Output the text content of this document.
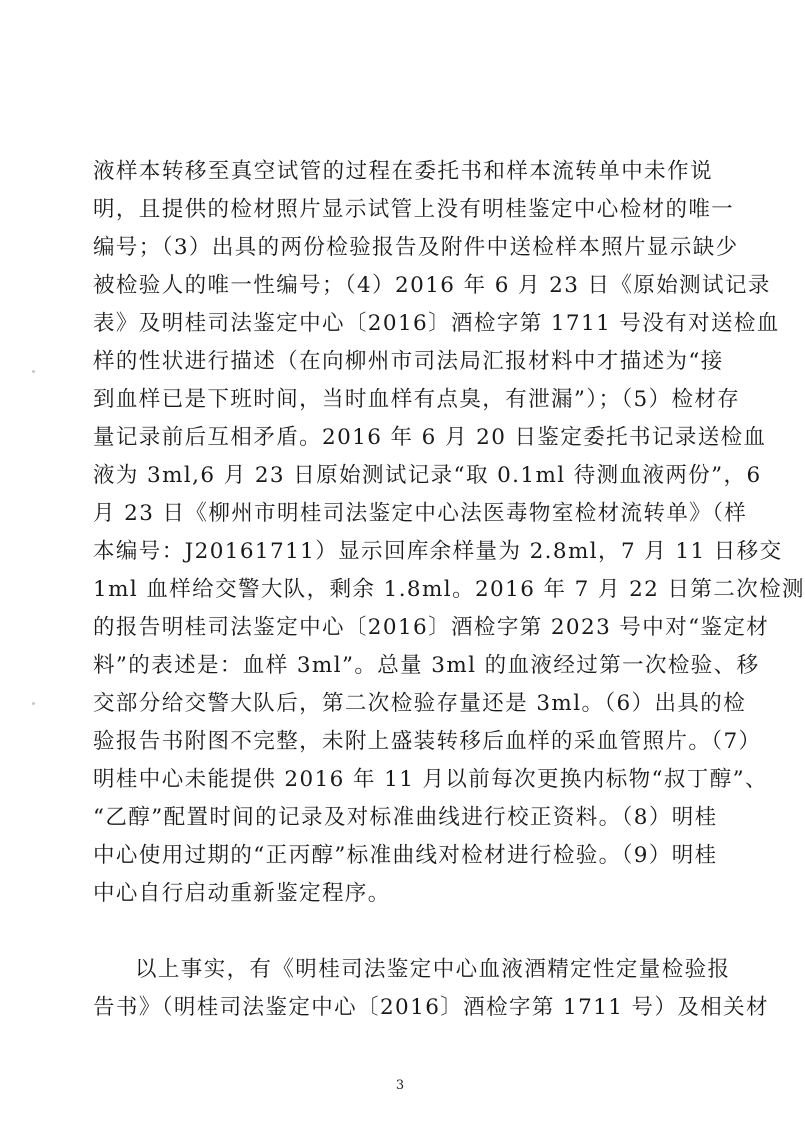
液样本转移至真空试管的过程在委托书和样本流转单中未作说
明，且提供的检材照片显示试管上没有明桂鉴定中心检材的唯一
编号；（3）出具的两份检验报告及附件中送检样本照片显示缺少
被检验人的唯一性编号；（4）2016 年 6 月 23 日《原始测试记录
表》及明桂司法鉴定中心〔2016〕酒检字第 1711 号没有对送检血
样的性状进行描述（在向柳州市司法局汇报材料中才描述为“接
到血样已是下班时间，当时血样有点臭，有泄漏”）；（5）检材存
量记录前后互相矛盾。2016 年 6 月 20 日鉴定委托书记录送检血
液为 3ml,6 月 23 日原始测试记录“取 0.1ml 待测血液两份”，6
月 23 日《柳州市明桂司法鉴定中心法医毒物室检材流转单》（样
本编号：J20161711）显示回库余样量为 2.8ml，7 月 11 日移交
1ml 血样给交警大队，剩余 1.8ml。2016 年 7 月 22 日第二次检测
的报告明桂司法鉴定中心〔2016〕酒检字第 2023 号中对“鉴定材
料”的表述是：血样 3ml”。总量 3ml 的血液经过第一次检验、移
交部分给交警大队后，第二次检验存量还是 3ml。（6）出具的检
验报告书附图不完整，未附上盛装转移后血样的采血管照片。（7）
明桂中心未能提供 2016 年 11 月以前每次更换内标物“叔丁醇”、
“乙醇”配置时间的记录及对标准曲线进行校正资料。（8）明桂
中心使用过期的“正丙醇”标准曲线对检材进行检验。（9）明桂
中心自行启动重新鉴定程序。
以上事实，有《明桂司法鉴定中心血液酒精定性定量检验报
告书》（明桂司法鉴定中心〔2016〕酒检字第 1711 号）及相关材
3
